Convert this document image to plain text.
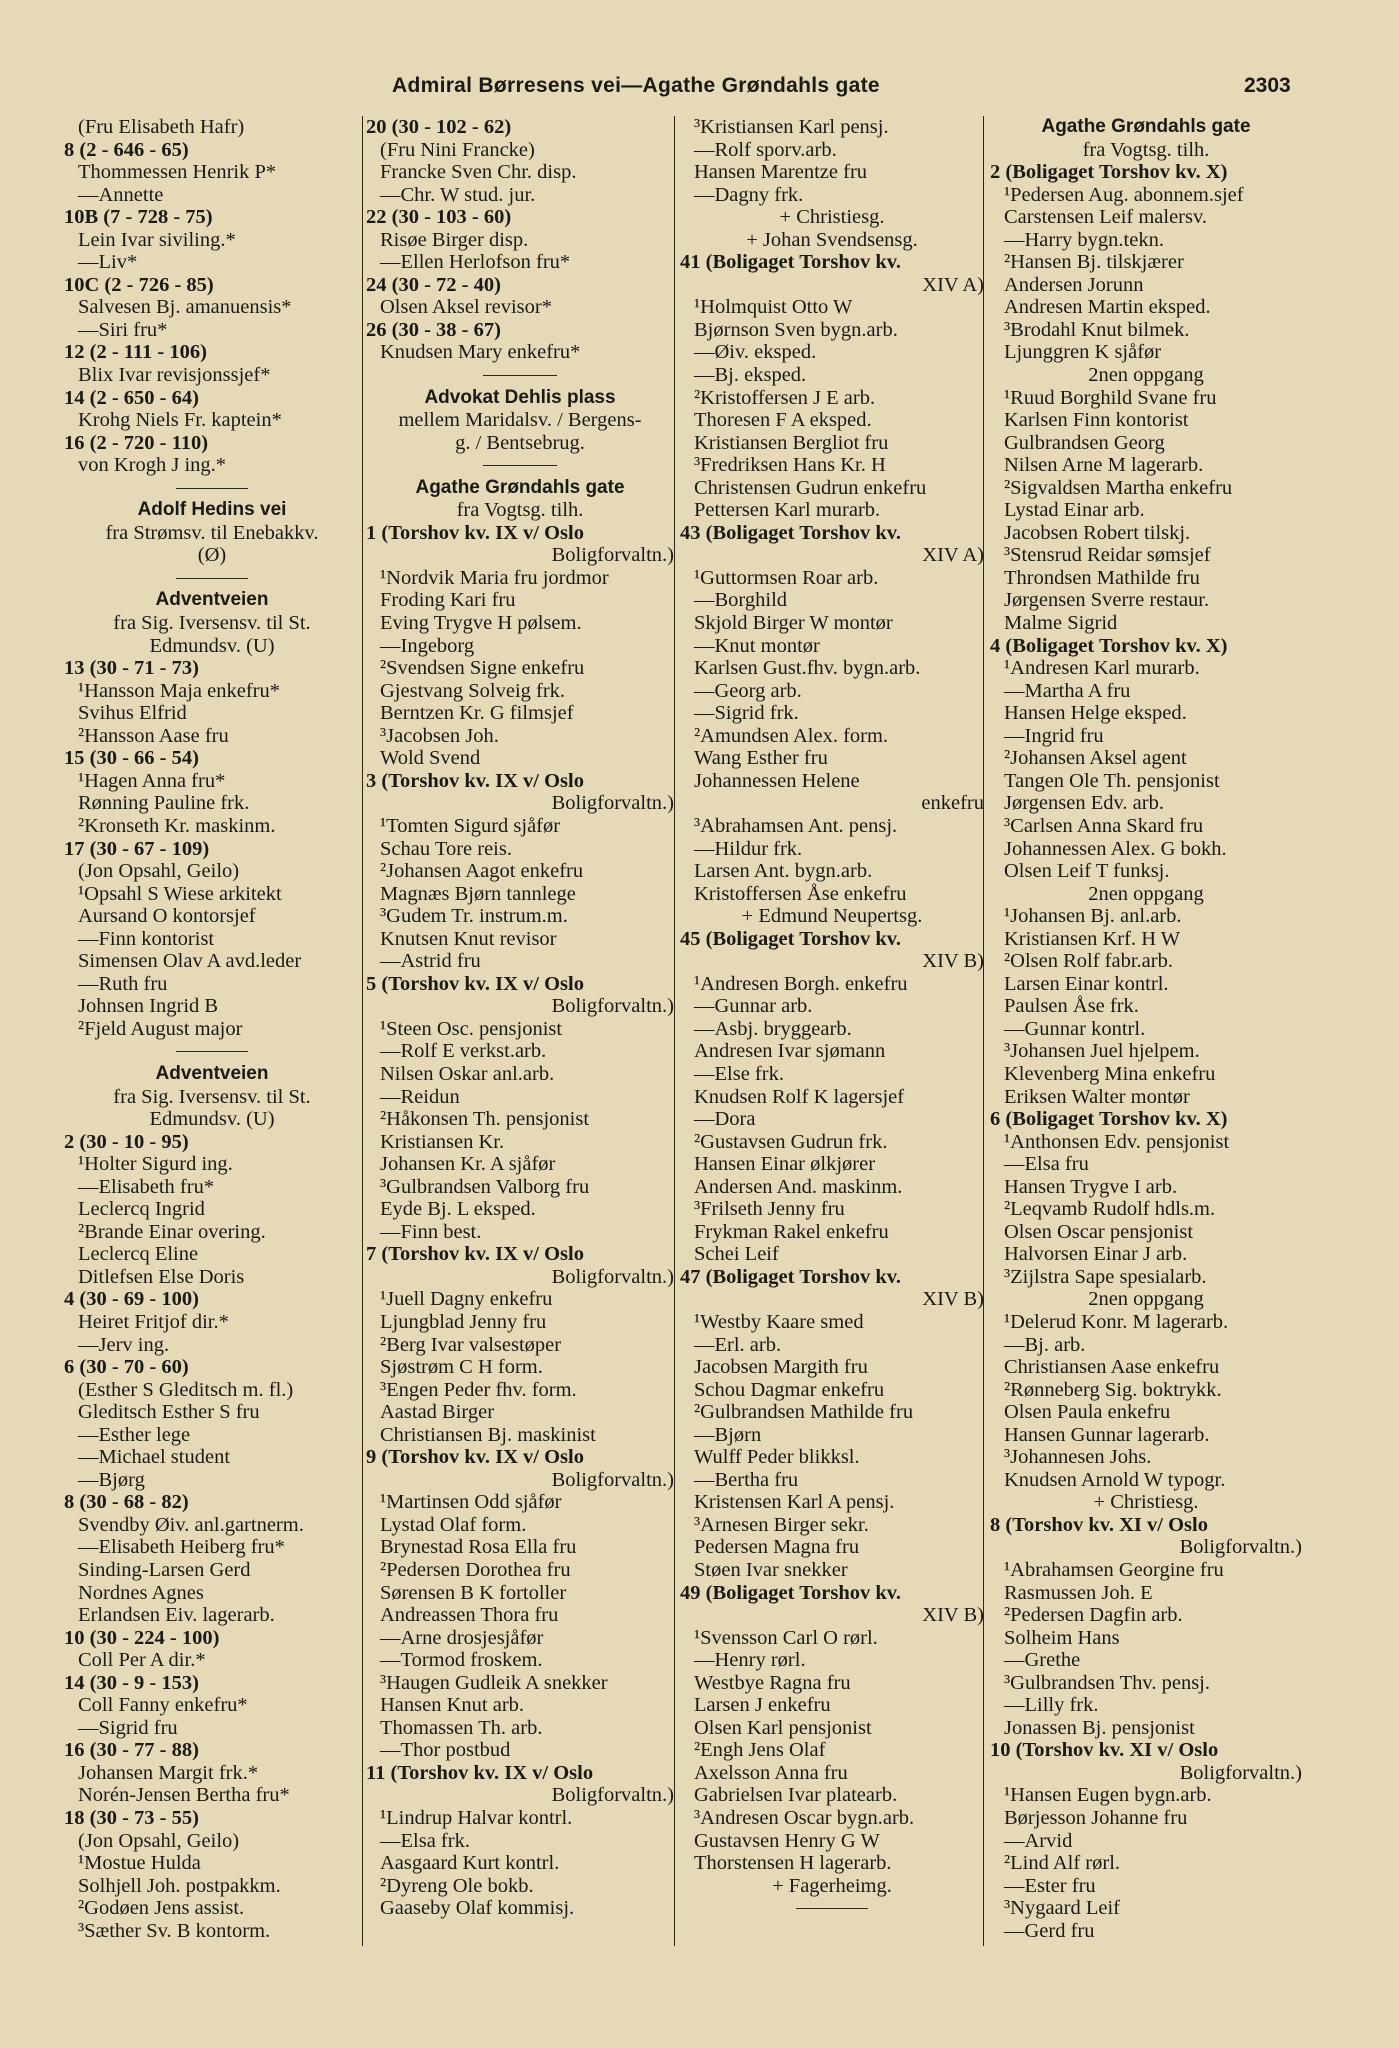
Admiral Børresens vei—Agathe Grøndahls gate	2303
(Fru Elisabeth Hafr)
8 (2 - 646 - 65)
Thommessen Henrik P*
—Annette
10B (7 - 728 - 75)
Lein Ivar siviling.*
—Liv*
10C (2 - 726 - 85)
Salvesen Bj. amanuensis*
—Siri fru*
12 (2 - 111 - 106)
Blix Ivar revisjonssjef*
14 (2 - 650 - 64)
Krohg Niels Fr. kaptein*
16 (2 - 720 - 110)
von Krogh J ing.*
Adolf Hedins vei
fra Strømsv. til Enebakkv.
(Ø)
Adventveien
fra Sig. Iversensv. til St.
Edmundsv. (U)
13 (30 - 71 - 73)
¹Hansson Maja enkefru*
Svihus Elfrid
²Hansson Aase fru
15 (30 - 66 - 54)
¹Hagen Anna fru*
Rønning Pauline frk.
²Kronseth Kr. maskinm.
17 (30 - 67 - 109)
(Jon Opsahl, Geilo)
¹Opsahl S Wiese arkitekt
Aursand O kontorsjef
—Finn kontorist
Simensen Olav A avd.leder
—Ruth fru
Johnsen Ingrid B
²Fjeld August major
Adventveien
fra Sig. Iversensv. til St.
Edmundsv. (U)
2 (30 - 10 - 95)
¹Holter Sigurd ing.
—Elisabeth fru*
Leclercq Ingrid
²Brande Einar overing.
Leclercq Eline
Ditlefsen Else Doris
4 (30 - 69 - 100)
Heiret Fritjof dir.*
—Jerv ing.
6 (30 - 70 - 60)
(Esther S Gleditsch m. fl.)
Gleditsch Esther S fru
—Esther lege
—Michael student
—Bjørg
8 (30 - 68 - 82)
Svendby Øiv. anl.gartnerm.
—Elisabeth Heiberg fru*
Sinding-Larsen Gerd
Nordnes Agnes
Erlandsen Eiv. lagerarb.
10 (30 - 224 - 100)
Coll Per A dir.*
14 (30 - 9 - 153)
Coll Fanny enkefru*
—Sigrid fru
16 (30 - 77 - 88)
Johansen Margit frk.*
Norén-Jensen Bertha fru*
18 (30 - 73 - 55)
(Jon Opsahl, Geilo)
¹Mostue Hulda
Solhjell Joh. postpakkm.
²Godøen Jens assist.
³Sæther Sv. B kontorm.
20 (30 - 102 - 62)
(Fru Nini Francke)
Francke Sven Chr. disp.
—Chr. W stud. jur.
22 (30 - 103 - 60)
Risøe Birger disp.
—Ellen Herlofson fru*
24 (30 - 72 - 40)
Olsen Aksel revisor*
26 (30 - 38 - 67)
Knudsen Mary enkefru*
Advokat Dehlis plass
mellem Maridalsv. / Bergens-
g. / Bentsebrug.
Agathe Grøndahls gate
fra Vogtsg. tilh.
1 (Torshov kv. IX v/ Oslo
Boligforvaltn.)
¹Nordvik Maria fru jordmor
Froding Kari fru
Eving Trygve H pølsem.
—Ingeborg
²Svendsen Signe enkefru
Gjestvang Solveig frk.
Berntzen Kr. G filmsjef
³Jacobsen Joh.
Wold Svend
3 (Torshov kv. IX v/ Oslo
Boligforvaltn.)
¹Tomten Sigurd sjåfør
Schau Tore reis.
²Johansen Aagot enkefru
Magnæs Bjørn tannlege
³Gudem Tr. instrum.m.
Knutsen Knut revisor
—Astrid fru
5 (Torshov kv. IX v/ Oslo
Boligforvaltn.)
¹Steen Osc. pensjonist
—Rolf E verkst.arb.
Nilsen Oskar anl.arb.
—Reidun
²Håkonsen Th. pensjonist
Kristiansen Kr.
Johansen Kr. A sjåfør
³Gulbrandsen Valborg fru
Eyde Bj. L eksped.
—Finn best.
7 (Torshov kv. IX v/ Oslo
Boligforvaltn.)
¹Juell Dagny enkefru
Ljungblad Jenny fru
²Berg Ivar valsestøper
Sjøstrøm C H form.
³Engen Peder fhv. form.
Aastad Birger
Christiansen Bj. maskinist
9 (Torshov kv. IX v/ Oslo
Boligforvaltn.)
¹Martinsen Odd sjåfør
Lystad Olaf form.
Brynestad Rosa Ella fru
²Pedersen Dorothea fru
Sørensen B K fortoller
Andreassen Thora fru
—Arne drosjesjåfør
—Tormod froskem.
³Haugen Gudleik A snekker
Hansen Knut arb.
Thomassen Th. arb.
—Thor postbud
11 (Torshov kv. IX v/ Oslo
Boligforvaltn.)
¹Lindrup Halvar kontrl.
—Elsa frk.
Aasgaard Kurt kontrl.
²Dyreng Ole bokb.
Gaaseby Olaf kommisj.
³Kristiansen Karl pensj.
—Rolf sporv.arb.
Hansen Marentze fru
—Dagny frk.
+ Christiesg.
+ Johan Svendsensg.
41 (Boligaget Torshov kv.
XIV A)
¹Holmquist Otto W
Bjørnson Sven bygn.arb.
—Øiv. eksped.
—Bj. eksped.
²Kristoffersen J E arb.
Thoresen F A eksped.
Kristiansen Bergliot fru
³Fredriksen Hans Kr. H
Christensen Gudrun enkefru
Pettersen Karl murarb.
43 (Boligaget Torshov kv.
XIV A)
¹Guttormsen Roar arb.
—Borghild
Skjold Birger W montør
—Knut montør
Karlsen Gust.fhv. bygn.arb.
—Georg arb.
—Sigrid frk.
²Amundsen Alex. form.
Wang Esther fru
Johannessen Helene
enkefru
³Abrahamsen Ant. pensj.
—Hildur frk.
Larsen Ant. bygn.arb.
Kristoffersen Åse enkefru
+ Edmund Neupertsg.
45 (Boligaget Torshov kv.
XIV B)
¹Andresen Borgh. enkefru
—Gunnar arb.
—Asbj. bryggearb.
Andresen Ivar sjømann
—Else frk.
Knudsen Rolf K lagersjef
—Dora
²Gustavsen Gudrun frk.
Hansen Einar ølkjører
Andersen And. maskinm.
³Frilseth Jenny fru
Frykman Rakel enkefru
Schei Leif
47 (Boligaget Torshov kv.
XIV B)
¹Westby Kaare smed
—Erl. arb.
Jacobsen Margith fru
Schou Dagmar enkefru
²Gulbrandsen Mathilde fru
—Bjørn
Wulff Peder blikksl.
—Bertha fru
Kristensen Karl A pensj.
³Arnesen Birger sekr.
Pedersen Magna fru
Støen Ivar snekker
49 (Boligaget Torshov kv.
XIV B)
¹Svensson Carl O rørl.
—Henry rørl.
Westbye Ragna fru
Larsen J enkefru
Olsen Karl pensjonist
²Engh Jens Olaf
Axelsson Anna fru
Gabrielsen Ivar platearb.
³Andresen Oscar bygn.arb.
Gustavsen Henry G W
Thorstensen H lagerarb.
+ Fagerheimg.
Agathe Grøndahls gate
fra Vogtsg. tilh.
2 (Boligaget Torshov kv. X)
¹Pedersen Aug. abonnem.sjef
Carstensen Leif malersv.
—Harry bygn.tekn.
²Hansen Bj. tilskjærer
Andersen Jorunn
Andresen Martin eksped.
³Brodahl Knut bilmek.
Ljunggren K sjåfør
2nen oppgang
¹Ruud Borghild Svane fru
Karlsen Finn kontorist
Gulbrandsen Georg
Nilsen Arne M lagerarb.
²Sigvaldsen Martha enkefru
Lystad Einar arb.
Jacobsen Robert tilskj.
³Stensrud Reidar sømsjef
Throndsen Mathilde fru
Jørgensen Sverre restaur.
Malme Sigrid
4 (Boligaget Torshov kv. X)
¹Andresen Karl murarb.
—Martha A fru
Hansen Helge eksped.
—Ingrid fru
²Johansen Aksel agent
Tangen Ole Th. pensjonist
Jørgensen Edv. arb.
³Carlsen Anna Skard fru
Johannessen Alex. G bokh.
Olsen Leif T funksj.
2nen oppgang
¹Johansen Bj. anl.arb.
Kristiansen Krf. H W
²Olsen Rolf fabr.arb.
Larsen Einar kontrl.
Paulsen Åse frk.
—Gunnar kontrl.
³Johansen Juel hjelpem.
Klevenberg Mina enkefru
Eriksen Walter montør
6 (Boligaget Torshov kv. X)
¹Anthonsen Edv. pensjonist
—Elsa fru
Hansen Trygve I arb.
²Leqvamb Rudolf hdls.m.
Olsen Oscar pensjonist
Halvorsen Einar J arb.
³Zijlstra Sape spesialarb.
2nen oppgang
¹Delerud Konr. M lagerarb.
—Bj. arb.
Christiansen Aase enkefru
²Rønneberg Sig. boktrykk.
Olsen Paula enkefru
Hansen Gunnar lagerarb.
³Johannesen Johs.
Knudsen Arnold W typogr.
+ Christiesg.
8 (Torshov kv. XI v/ Oslo
Boligforvaltn.)
¹Abrahamsen Georgine fru
Rasmussen Joh. E
²Pedersen Dagfin arb.
Solheim Hans
—Grethe
³Gulbrandsen Thv. pensj.
—Lilly frk.
Jonassen Bj. pensjonist
10 (Torshov kv. XI v/ Oslo
Boligforvaltn.)
¹Hansen Eugen bygn.arb.
Børjesson Johanne fru
—Arvid
²Lind Alf rørl.
—Ester fru
³Nygaard Leif
—Gerd fru
